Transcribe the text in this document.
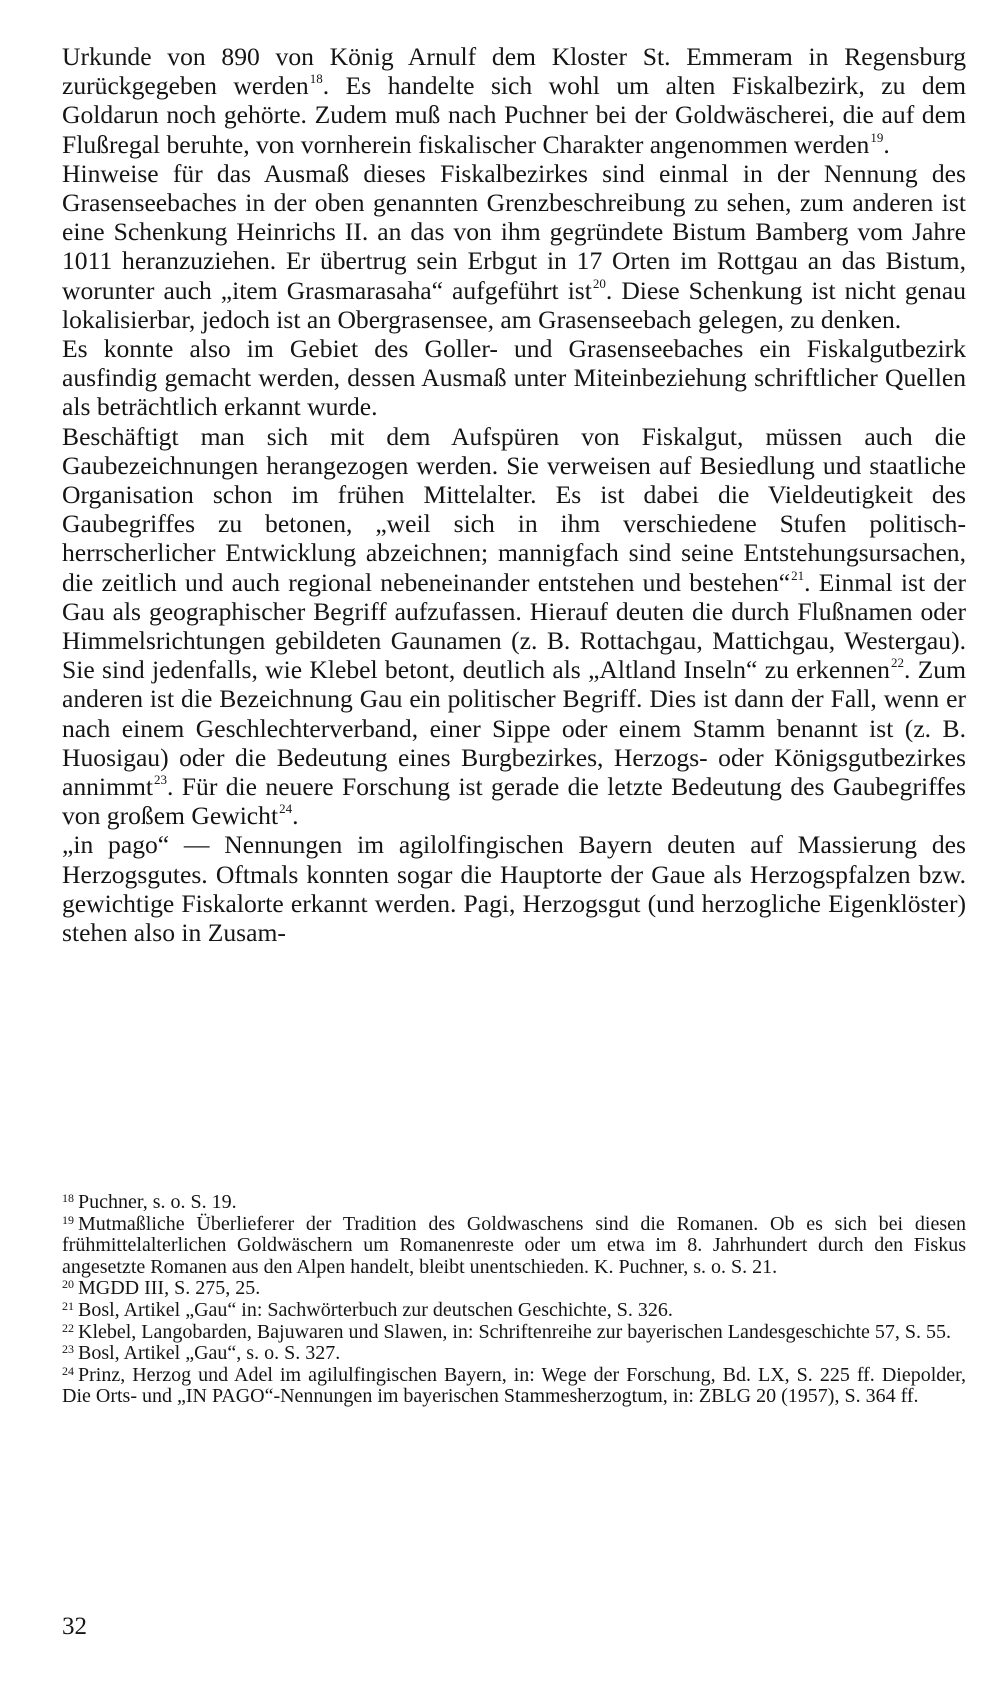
Urkunde von 890 von König Arnulf dem Kloster St. Emmeram in Regensburg zurückgegeben werden$^{18}$. Es handelte sich wohl um alten Fiskalbezirk, zu dem Goldarun noch gehörte. Zudem muß nach Puchner bei der Goldwäscherei, die auf dem Flußregal beruhte, von vornherein fiskalischer Charakter angenommen werden$^{19}$.

Hinweise für das Ausmaß dieses Fiskalbezirkes sind einmal in der Nennung des Grasenseebaches in der oben genannten Grenzbeschreibung zu sehen, zum anderen ist eine Schenkung Heinrichs II. an das von ihm gegründete Bistum Bamberg vom Jahre 1011 heranzuziehen. Er übertrug sein Erbgut in 17 Orten im Rottgau an das Bistum, worunter auch „item Grasmarasaha“ aufgeführt ist$^{20}$. Diese Schenkung ist nicht genau lokalisierbar, jedoch ist an Obergrasensee, am Grasenseebach gelegen, zu denken.

Es konnte also im Gebiet des Goller- und Grasenseebaches ein Fiskalgutbezirk ausfindig gemacht werden, dessen Ausmaß unter Miteinbeziehung schriftlicher Quellen als beträchtlich erkannt wurde.

Beschäftigt man sich mit dem Aufspüren von Fiskalgut, müssen auch die Gaubezeichnungen herangezogen werden. Sie verweisen auf Besiedlung und staatliche Organisation schon im frühen Mittelalter. Es ist dabei die Vieldeutigkeit des Gaubegriffes zu betonen, „weil sich in ihm verschiedene Stufen politisch-herrscherlicher Entwicklung abzeichnen; mannigfach sind seine Entstehungsursachen, die zeitlich und auch regional nebeneinander entstehen und bestehen“$^{21}$. Einmal ist der Gau als geographischer Begriff aufzufassen. Hierauf deuten die durch Flußnamen oder Himmelsrichtungen gebildeten Gaunamen (z. B. Rottachgau, Mattichgau, Westergau). Sie sind jedenfalls, wie Klebel betont, deutlich als „Altland Inseln“ zu erkennen$^{22}$. Zum anderen ist die Bezeichnung Gau ein politischer Begriff. Dies ist dann der Fall, wenn er nach einem Geschlechterverband, einer Sippe oder einem Stamm benannt ist (z. B. Huosigau) oder die Bedeutung eines Burgbezirkes, Herzogs- oder Königsgutbezirkes annimmt$^{23}$. Für die neuere Forschung ist gerade die letzte Bedeutung des Gaubegriffes von großem Gewicht$^{24}$.

„in pago“ — Nennungen im agilolfingischen Bayern deuten auf Massierung des Herzogsgutes. Oftmals konnten sogar die Hauptorte der Gaue als Herzogspfalzen bzw. gewichtige Fiskalorte erkannt werden. Pagi, Herzogsgut (und herzogliche Eigenklöster) stehen also in Zusam-

$^{18}$ Puchner, s. o. S. 19.

$^{19}$ Mutmaßliche Überlieferer der Tradition des Goldwaschens sind die Romanen. Ob es sich bei diesen frühmittelalterlichen Goldwäschern um Romanenreste oder um etwa im 8. Jahrhundert durch den Fiskus angesetzte Romanen aus den Alpen handelt, bleibt unentschieden. K. Puchner, s. o. S. 21.

$^{20}$ MGDD III, S. 275, 25.

$^{21}$ Bosl, Artikel „Gau“ in: Sachwörterbuch zur deutschen Geschichte, S. 326.

$^{22}$ Klebel, Langobarden, Bajuwaren und Slawen, in: Schriftenreihe zur bayerischen Landesgeschichte 57, S. 55.

$^{23}$ Bosl, Artikel „Gau“, s. o. S. 327.

$^{24}$ Prinz, Herzog und Adel im agilulfingischen Bayern, in: Wege der Forschung, Bd. LX, S. 225 ff. Diepolder, Die Orts- und „IN PAGO“-Nennungen im bayerischen Stammesherzogtum, in: ZBLG 20 (1957), S. 364 ff.

32
